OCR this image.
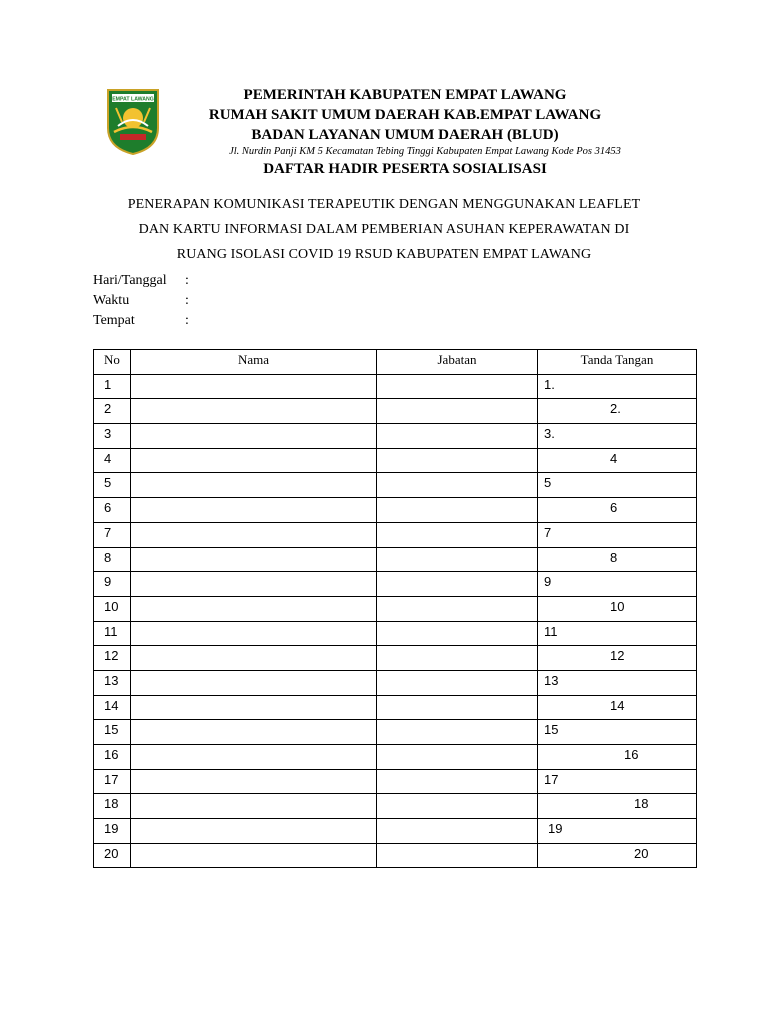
EMPAT LAWANG	PEMERINTAH KABUPATEN EMPAT LAWANG
RUMAH SAKIT UMUM DAERAH KAB.EMPAT LAWANG
BADAN LAYANAN UMUM DAERAH (BLUD)
Jl. Nurdin Panji KM 5 Kecamatan Tebing Tinggi Kabupaten Empat Lawang Kode Pos 31453
DAFTAR HADIR PESERTA SOSIALISASI
PENERAPAN KOMUNIKASI TERAPEUTIK DENGAN MENGGUNAKAN LEAFLET
DAN KARTU INFORMASI DALAM PEMBERIAN ASUHAN KEPERAWATAN DI
RUANG ISOLASI COVID 19 RSUD KABUPATEN EMPAT LAWANG
Hari/Tanggal :
Waktu	:
Tempat	:
No	Nama	Jabatan	Tanda Tangan
1			1.
2			2.
3			3.
4			4
5			5
6			6
7			7
8			8
9			9
10			10
11			11
12			12
13			13
14			14
15			15
16			16
17			17
18			18
19			19
20			20
